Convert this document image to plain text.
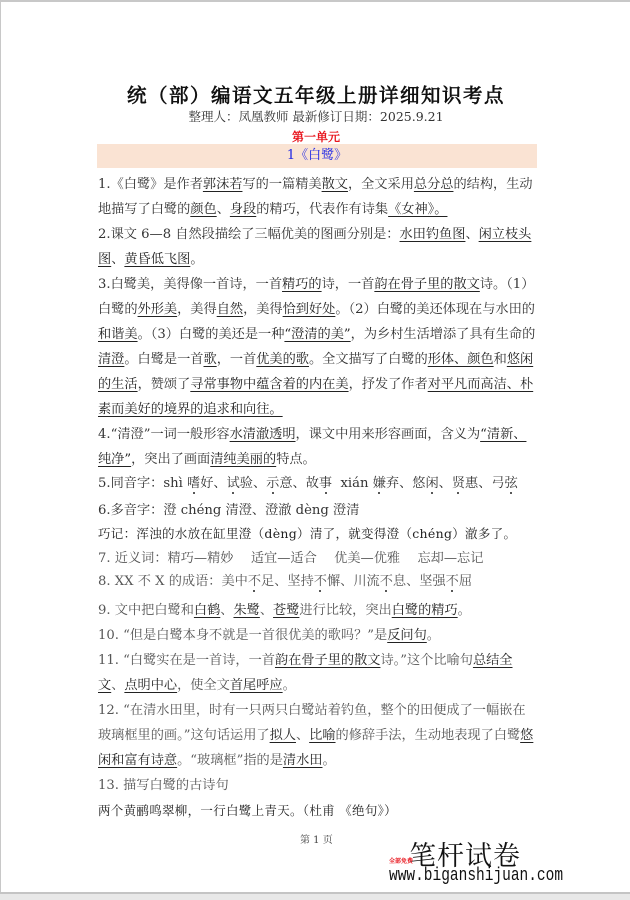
统（部）编语文五年级上册详细知识考点
整理人：凤凰教师 最新修订日期：2025.9.21
第一单元
1《白鹭》

1.《白鹭》是作者郭沫若写的一篇精美散文，全文采用总分总的结构，生动地描写了白鹭的颜色、身段的精巧，代表作有诗集《女神》。

2.课文 6—8 自然段描绘了三幅优美的图画分别是：水田钓鱼图、闲立枝头图、黄昏低飞图。

3.白鹭美，美得像一首诗，一首精巧的诗，一首韵在骨子里的散文诗。（1）白鹭的外形美，美得自然，美得恰到好处。（2）白鹭的美还体现在与水田的和谐美。（3）白鹭的美还是一种“澄清的美”，为乡村生活增添了具有生命的清澄。白鹭是一首歌，一首优美的歌。全文描写了白鹭的形体、颜色和悠闲的生活，赞颂了寻常事物中蕴含着的内在美，抒发了作者对平凡而高洁、朴素而美好的境界的追求和向往。

4.“清澄”一词一般形容水清澈透明，课文中用来形容画面，含义为“清新、纯净”，突出了画面清纯美丽的特点。

5.同音字：shì 嗜好、试验、示意、故事 xián 嫌弃、悠闲、贤惠、弓弦

6.多音字：澄 chéng 清澄、澄澈 dèng 澄清

巧记：浑浊的水放在缸里澄（dèng）清了，就变得澄（chéng）澈多了。

7. 近义词：精巧—精妙　 适宜—适合　 优美—优雅　 忘却—忘记

8. XX 不 X 的成语：美中不足、坚持不懈、川流不息、坚强不屈

9. 文中把白鹭和白鹤、朱鹭、苍鹭进行比较，突出白鹭的精巧。

10. “但是白鹭本身不就是一首很优美的歌吗？”是反问句。

11. “白鹭实在是一首诗，一首韵在骨子里的散文诗。”这个比喻句总结全文、点明中心，使全文首尾呼应。

12. “在清水田里，时有一只两只白鹭站着钓鱼，整个的田便成了一幅嵌在玻璃框里的画。”这句话运用了拟人、比喻的修辞手法，生动地表现了白鹭悠闲和富有诗意。“玻璃框”指的是清水田。

13. 描写白鹭的古诗句

两个黄鹂鸣翠柳，一行白鹭上青天。（杜甫 《绝句》）

第 1 页
笔杆试卷
全部免费
www.biganshijuan.com
